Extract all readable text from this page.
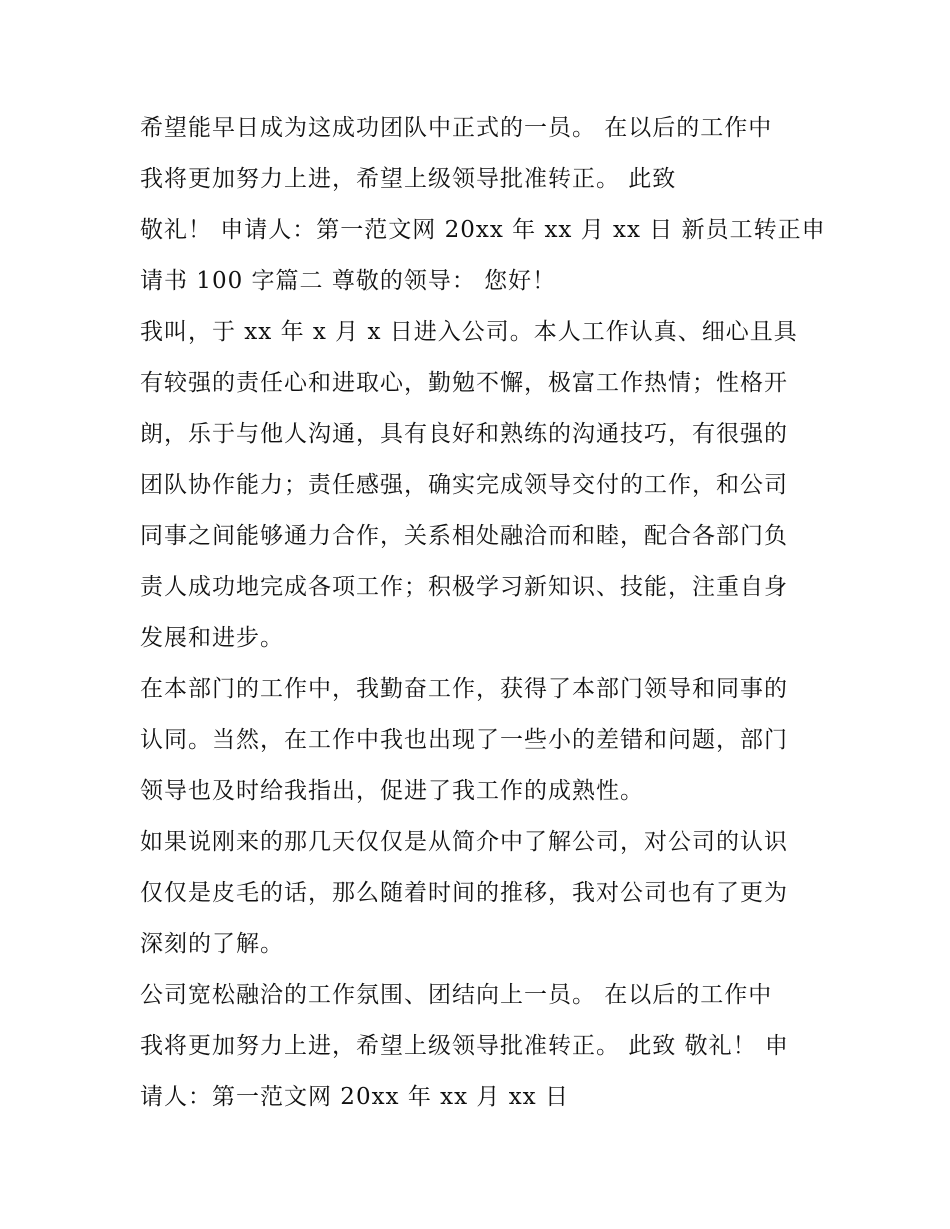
希望能早日成为这成功团队中正式的一员。 在以后的工作中
我将更加努力上进，希望上级领导批准转正。 此致
敬礼！ 申请人：第一范文网 20xx 年 xx 月 xx 日 新员工转正申
请书 100 字篇二 尊敬的领导： 您好！
我叫，于 xx 年 x 月 x 日进入公司。本人工作认真、细心且具
有较强的责任心和进取心，勤勉不懈，极富工作热情；性格开
朗，乐于与他人沟通，具有良好和熟练的沟通技巧，有很强的
团队协作能力；责任感强，确实完成领导交付的工作，和公司
同事之间能够通力合作，关系相处融洽而和睦，配合各部门负
责人成功地完成各项工作；积极学习新知识、技能，注重自身
发展和进步。
在本部门的工作中，我勤奋工作，获得了本部门领导和同事的
认同。当然，在工作中我也出现了一些小的差错和问题，部门
领导也及时给我指出，促进了我工作的成熟性。
如果说刚来的那几天仅仅是从简介中了解公司，对公司的认识
仅仅是皮毛的话，那么随着时间的推移，我对公司也有了更为
深刻的了解。
公司宽松融洽的工作氛围、团结向上一员。 在以后的工作中
我将更加努力上进，希望上级领导批准转正。 此致 敬礼！ 申
请人：第一范文网 20xx 年 xx 月 xx 日
